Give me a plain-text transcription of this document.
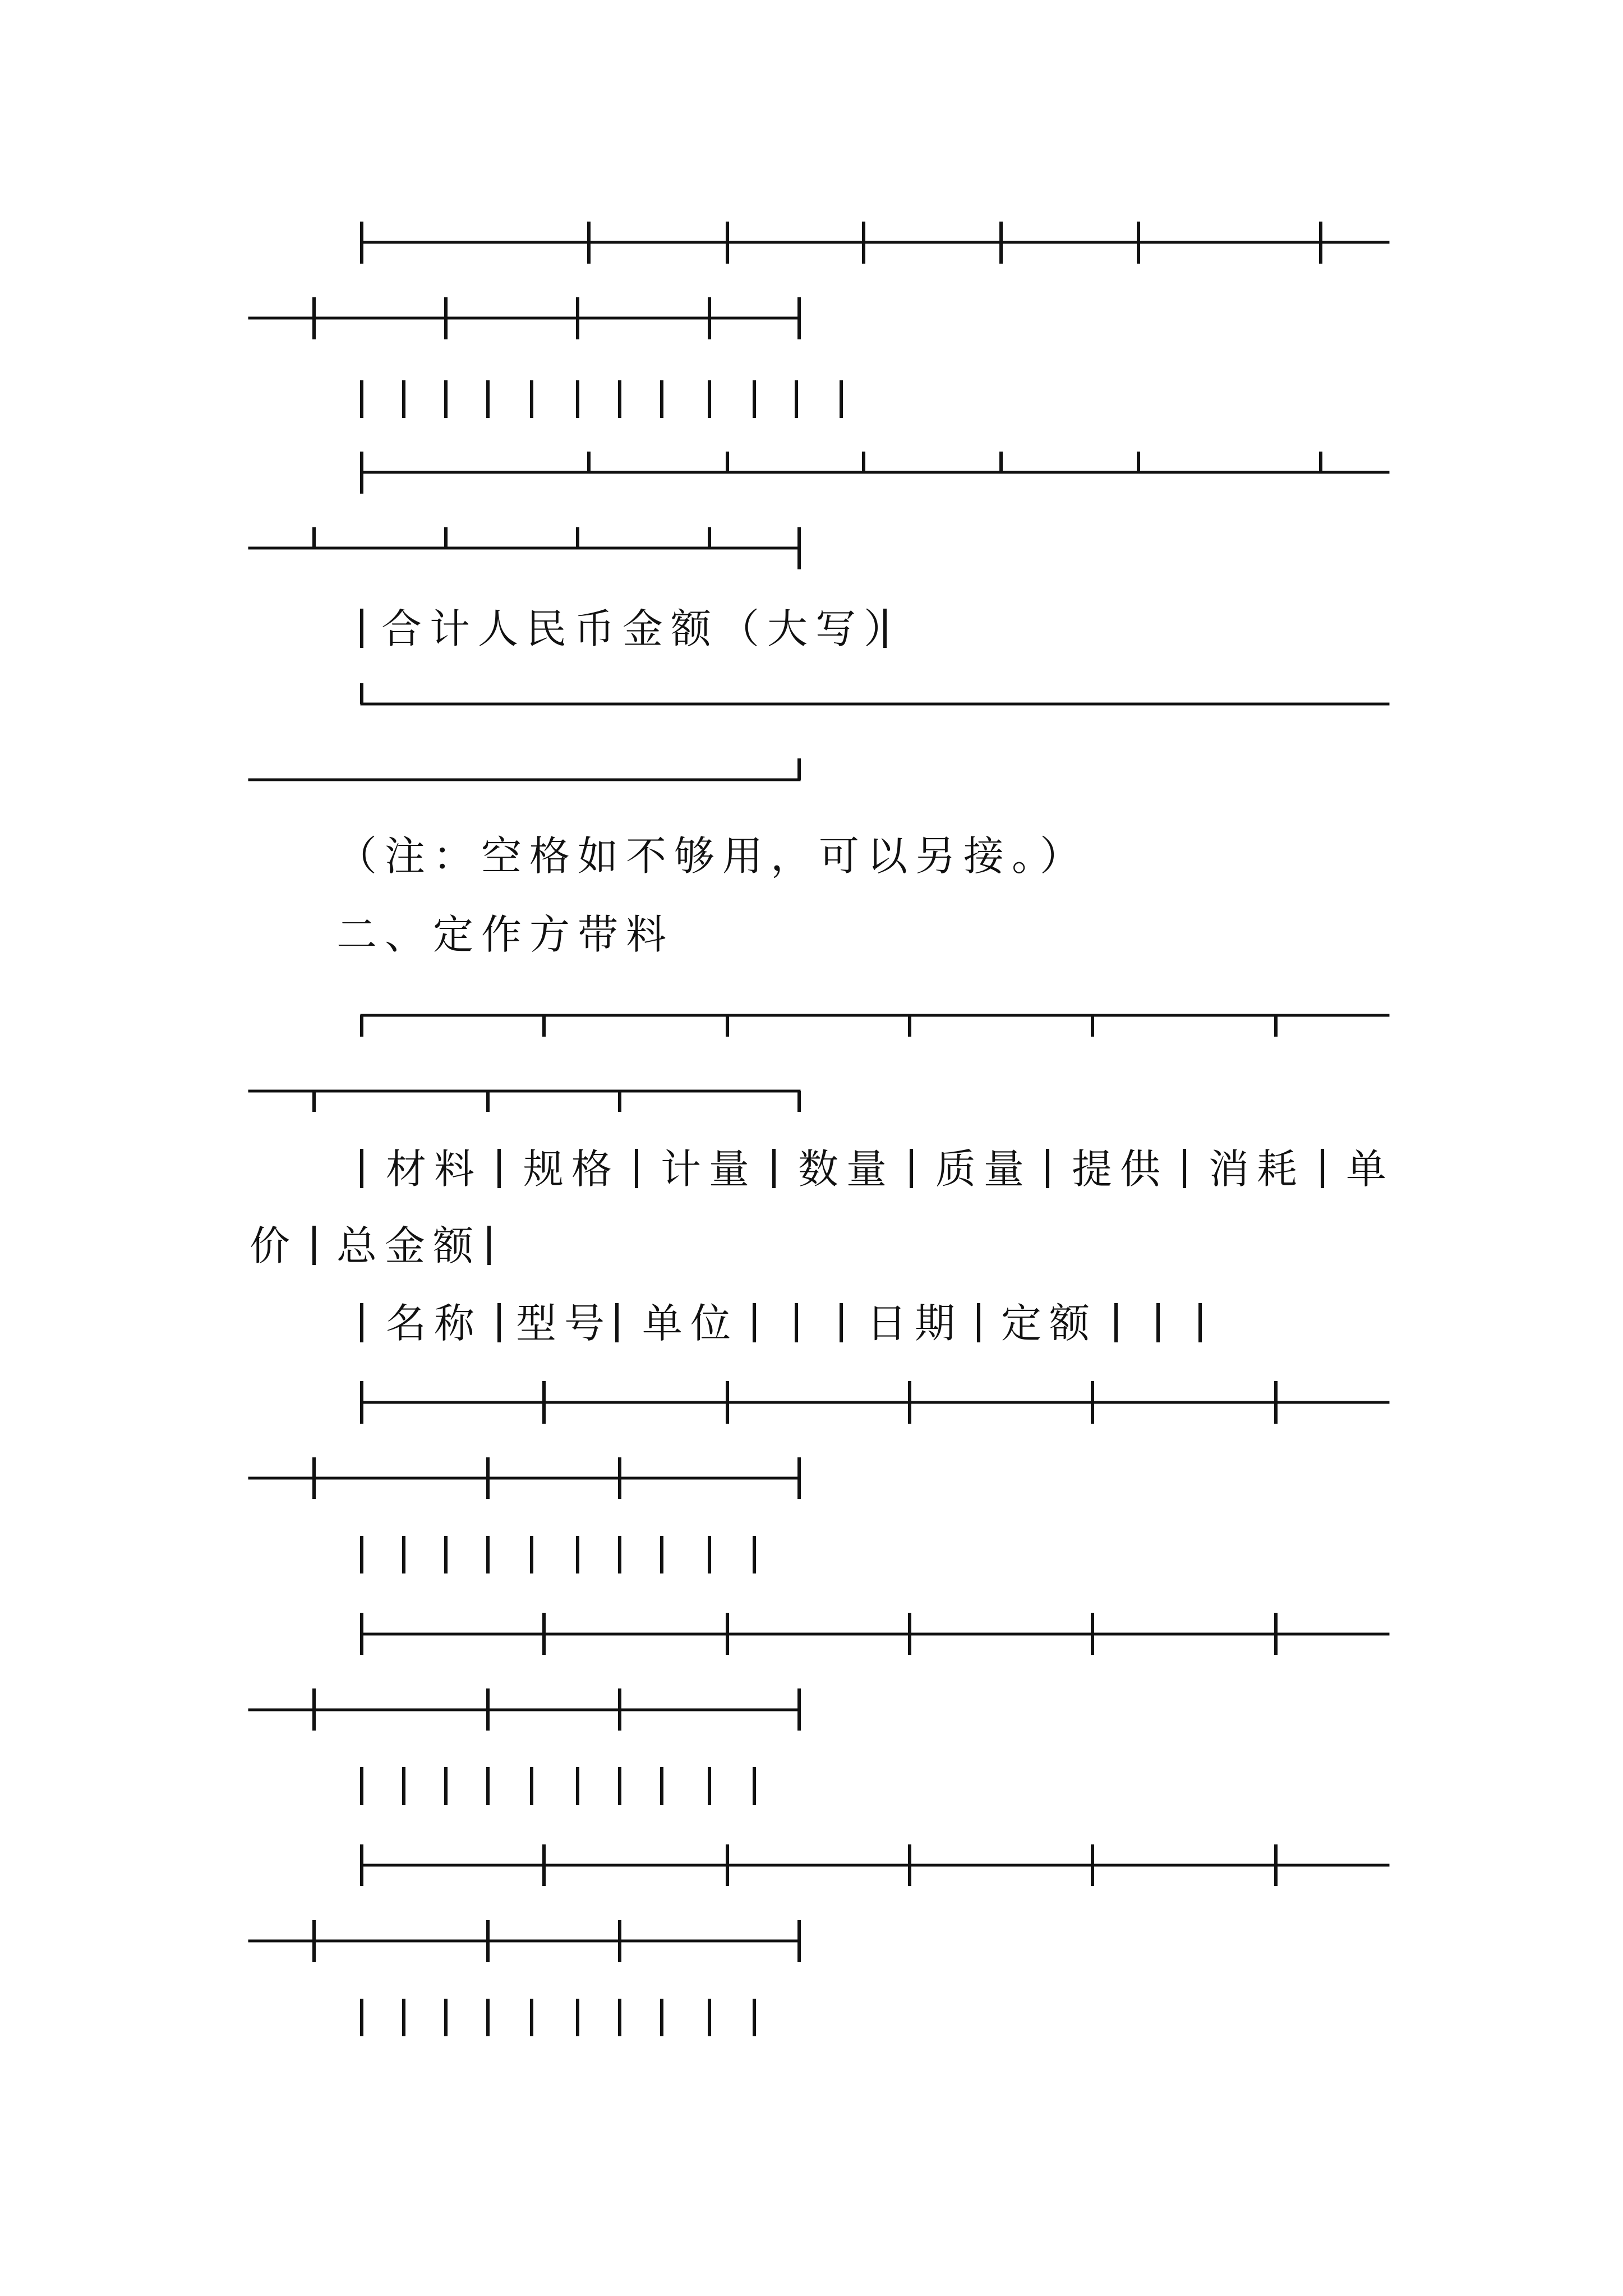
合计人民币金额（大写）
（注：空格如不够用，可以另接。）
二、定作方带料
材料 规格 计量 数量 质量 提供 消耗 单
价 总金额
名称 型号 单位	日期 定额
